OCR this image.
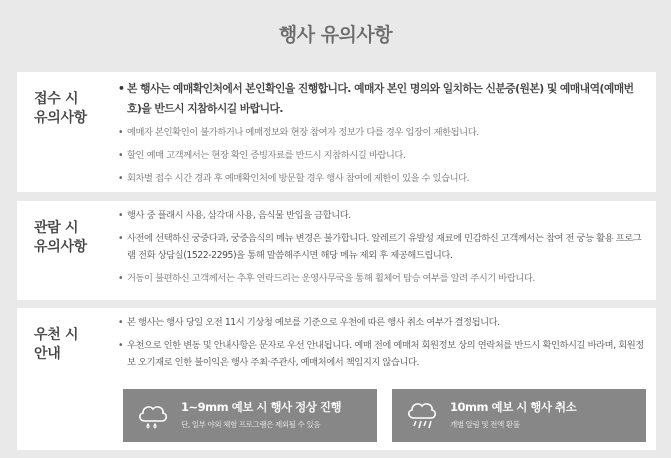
행사 유의사항
접수 시
유의사항
• 본 행사는 예매확인처에서 본인확인을 진행합니다. 예매자 본인 명의와 일치하는 신분증(원본) 및 예매내역(예매번호)을 반드시 지참하시길 바랍니다.
• 예매자 본인확인이 불가하거나 예매정보와 현장 참여자 정보가 다를 경우 입장이 제한됩니다.
• 할인 예매 고객께서는 현장 확인 증빙자료를 반드시 지참하시길 바랍니다.
• 회차별 접수 시간 경과 후 예매확인처에 방문할 경우 행사 참여에 제한이 있을 수 있습니다.
관람 시
유의사항
• 행사 중 플래시 사용, 삼각대 사용, 음식물 반입을 금합니다.
• 사전에 선택하신 궁중다과, 궁중음식의 메뉴 변경은 불가합니다. 알레르기 유발성 재료에 민감하신 고객께서는 참여 전 궁능 활용 프로그램 전화 상담실(1522-2295)을 통해 말씀해주시면 해당 메뉴 제외 후 제공해드립니다.
• 거동이 불편하신 고객께서는 추후 연락드리는 운영사무국을 통해 휠체어 탑승 여부를 알려 주시기 바랍니다.
우천 시
안내
• 본 행사는 행사 당일 오전 11시 기상청 예보를 기준으로 우천에 따른 행사 취소 여부가 결정됩니다.
• 우천으로 인한 변동 및 안내사항은 문자로 우선 안내됩니다. 예매 전에 예매처 회원정보 상의 연락처를 반드시 확인하시길 바라며, 회원정보 오기재로 인한 불이익은 행사 주최·주관사, 예매처에서 책임지지 않습니다.
1~9mm 예보 시 행사 정상 진행
단, 일부 야외 체험 프로그램은 제외될 수 있음
10mm 예보 시 행사 취소
개별 알림 및 전액 환불
